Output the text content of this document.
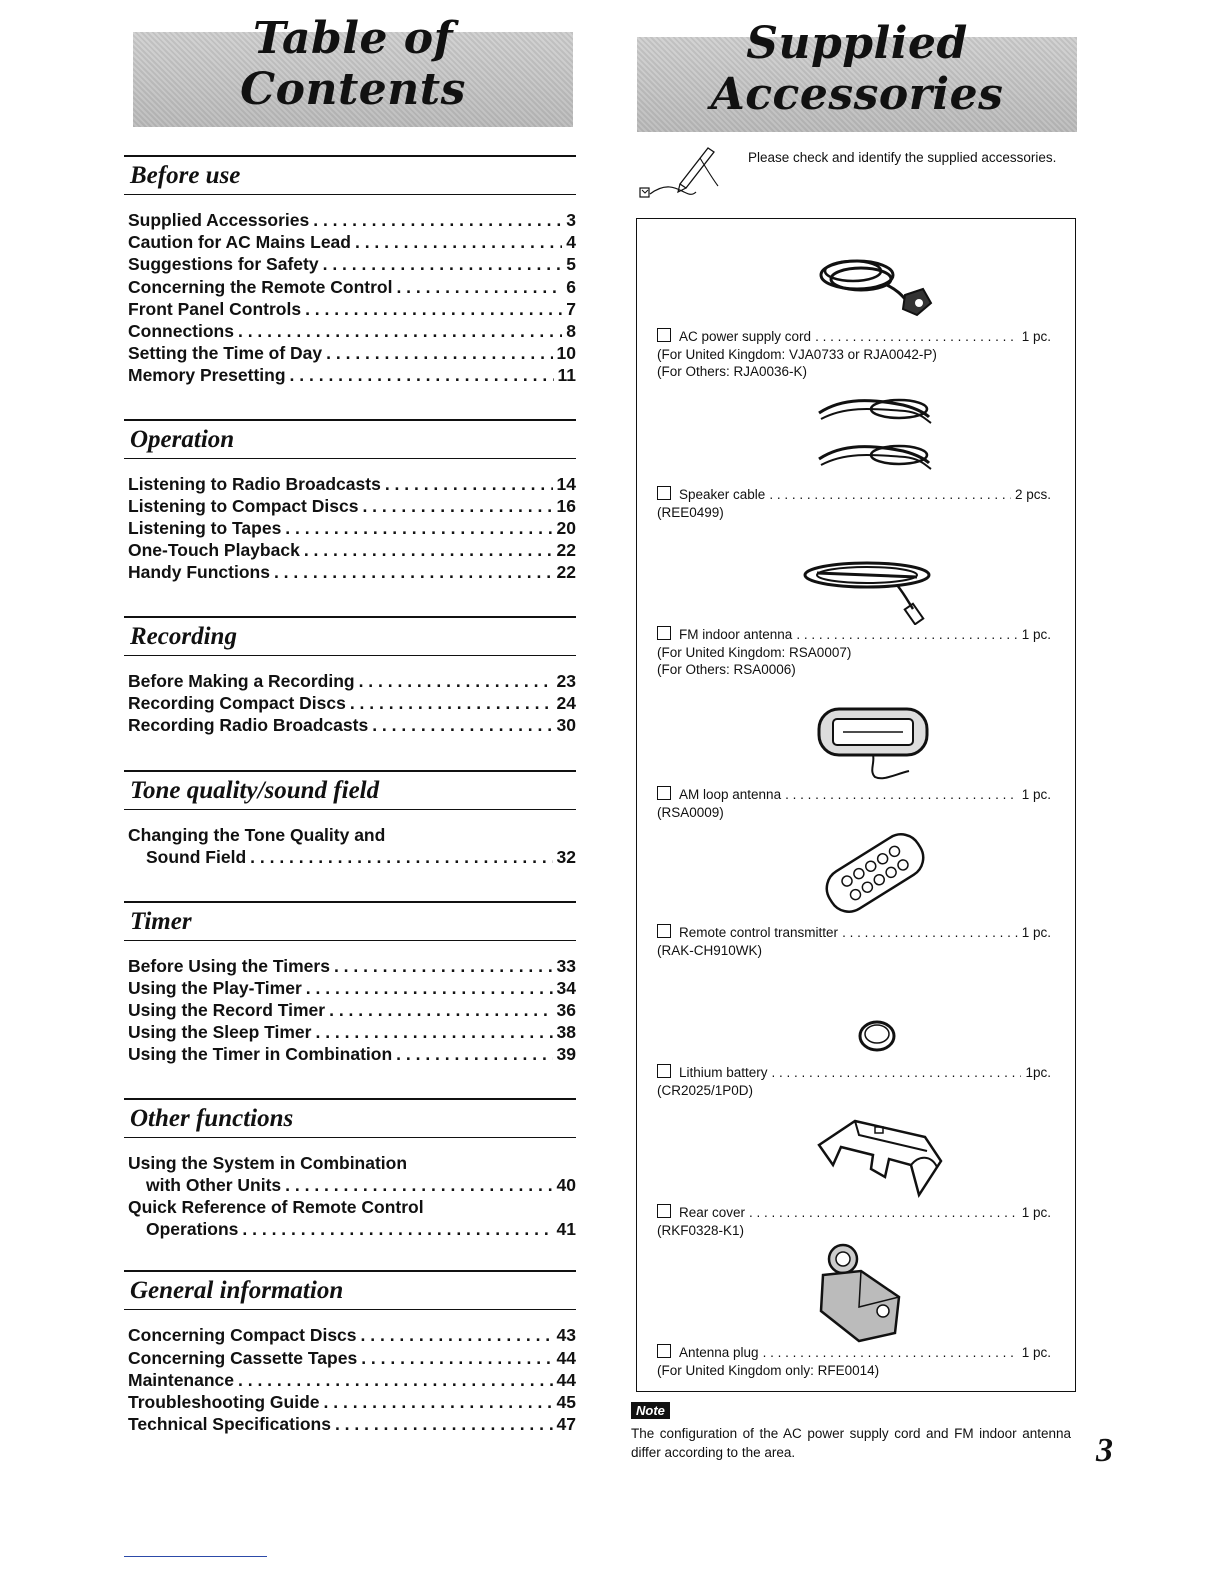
Table of Contents
Supplied Accessories
Before use
Supplied Accessories . . .	3
Caution for AC Mains Lead . . .	4
Suggestions for Safety . . .	5
Concerning the Remote Control . . .	6
Front Panel Controls . . .	7
Connections . . .	8
Setting the Time of Day . . .	10
Memory Presetting . . .	11
Operation
Listening to Radio Broadcasts . . .	14
Listening to Compact Discs . . .	16
Listening to Tapes . . .	20
One-Touch Playback . . .	22
Handy Functions . . .	22
Recording
Before Making a Recording . . .	23
Recording Compact Discs . . .	24
Recording Radio Broadcasts . . .	30
Tone quality/sound field
Changing the Tone Quality and
Sound Field . . .	32
Timer
Before Using the Timers . . .	33
Using the Play-Timer . . .	34
Using the Record Timer . . .	36
Using the Sleep Timer . . .	38
Using the Timer in Combination . . .	39
Other functions
Using the System in Combination
with Other Units . . .	40
Quick Reference of Remote Control
Operations . . .	41
General information
Concerning Compact Discs . . .	43
Concerning Cassette Tapes . . .	44
Maintenance . . .	44
Troubleshooting Guide . . .	45
Technical Specifications . . .	47
Please check and identify the supplied accessories.
AC power supply cord . . .	1 pc.
(For United Kingdom: VJA0733 or RJA0042-P)
(For Others: RJA0036-K)
Speaker cable . . .	2 pcs.
(REE0499)
FM indoor antenna . . .	1 pc.
(For United Kingdom: RSA0007)
(For Others: RSA0006)
AM loop antenna . . .	1 pc.
(RSA0009)
Remote control transmitter . . .	1 pc.
(RAK-CH910WK)
Lithium battery . . .	1pc.
(CR2025/1P0D)
Rear cover . . .	1 pc.
(RKF0328-K1)
Antenna plug . . .	1 pc.
(For United Kingdom only: RFE0014)
Note
The configuration of the AC power supply cord and FM indoor antenna differ according to the area.	3
